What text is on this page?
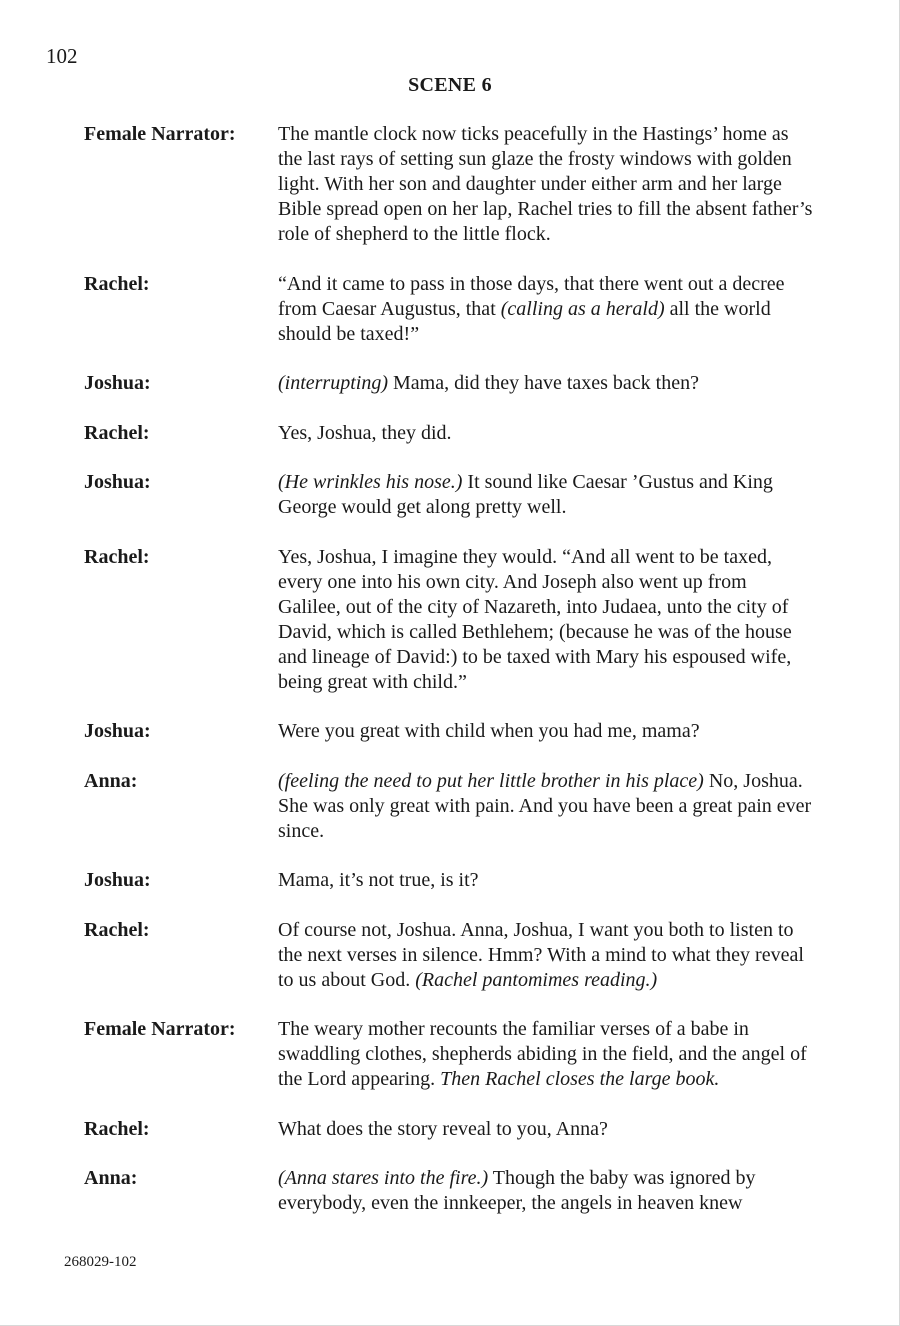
102
SCENE 6
Female Narrator:	The mantle clock now ticks peacefully in the Hastings’ home as the last rays of setting sun glaze the frosty windows with golden light. With her son and daughter under either arm and her large Bible spread open on her lap, Rachel tries to fill the absent father’s role of shepherd to the little flock.
Rachel:	“And it came to pass in those days, that there went out a decree from Caesar Augustus, that (calling as a herald) all the world should be taxed!”
Joshua:	(interrupting) Mama, did they have taxes back then?
Rachel:	Yes, Joshua, they did.
Joshua:	(He wrinkles his nose.) It sound like Caesar ’Gustus and King George would get along pretty well.
Rachel:	Yes, Joshua, I imagine they would. “And all went to be taxed, every one into his own city. And Joseph also went up from Galilee, out of the city of Nazareth, into Judaea, unto the city of David, which is called Bethlehem; (because he was of the house and lineage of David:) to be taxed with Mary his espoused wife, being great with child.”
Joshua:	Were you great with child when you had me, mama?
Anna:	(feeling the need to put her little brother in his place) No, Joshua. She was only great with pain. And you have been a great pain ever since.
Joshua:	Mama, it’s not true, is it?
Rachel:	Of course not, Joshua. Anna, Joshua, I want you both to listen to the next verses in silence. Hmm? With a mind to what they reveal to us about God. (Rachel pantomimes reading.)
Female Narrator:	The weary mother recounts the familiar verses of a babe in swaddling clothes, shepherds abiding in the field, and the angel of the Lord appearing. Then Rachel closes the large book.
Rachel:	What does the story reveal to you, Anna?
Anna:	(Anna stares into the fire.) Though the baby was ignored by everybody, even the innkeeper, the angels in heaven knew
268029-102
